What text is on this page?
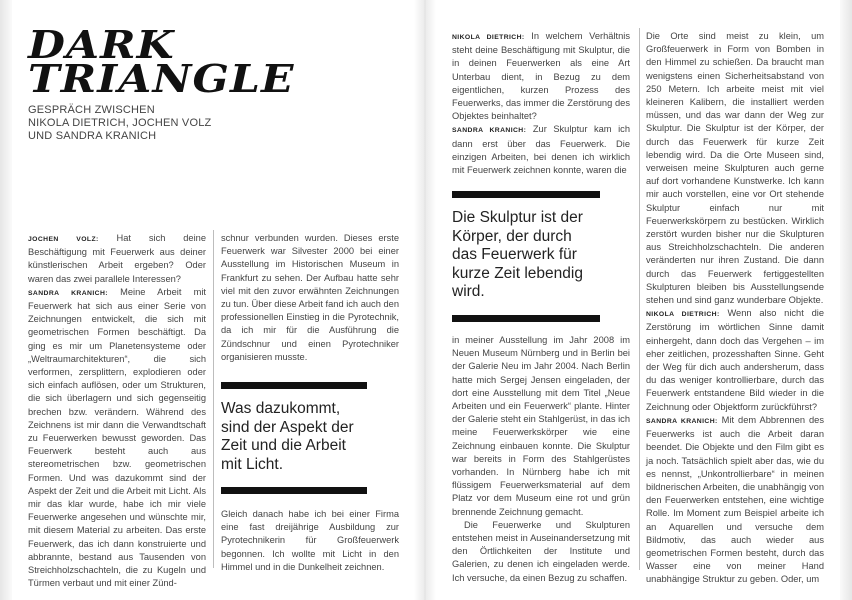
DARK
TRIANGLE
GESPRÄCH ZWISCHEN
NIKOLA DIETRICH, JOCHEN VOLZ
UND SANDRA KRANICH

JOCHEN VOLZ: Hat sich deine Beschäftigung mit Feuerwerk aus deiner künstlerischen Arbeit ergeben? Oder waren das zwei parallele Interessen?

SANDRA KRANICH: Meine Arbeit mit Feuerwerk hat sich aus einer Serie von Zeichnungen entwickelt, die sich mit geometrischen Formen beschäftigt. Da ging es mir um Planetensysteme oder „Weltraumarchitekturen“, die sich verformen, zersplittern, explodieren oder sich einfach auflösen, oder um Strukturen, die sich überlagern und sich gegenseitig brechen bzw. verändern. Während des Zeichnens ist mir dann die Verwandtschaft zu Feuerwerken bewusst geworden. Das Feuerwerk besteht auch aus stereometrischen bzw. geometrischen Formen. Und was dazukommt sind der Aspekt der Zeit und die Arbeit mit Licht. Als mir das klar wurde, habe ich mir viele Feuerwerke angesehen und wünschte mir, mit diesem Material zu arbeiten. Das erste Feuerwerk, das ich dann konstruierte und abbrannte, bestand aus Tausenden von Streichholzschachteln, die zu Kugeln und Türmen verbaut und mit einer Zünd-

schnur verbunden wurden. Dieses erste Feuerwerk war Silvester 2000 bei einer Ausstellung im Historischen Museum in Frankfurt zu sehen. Der Aufbau hatte sehr viel mit den zuvor erwähnten Zeichnungen zu tun. Über diese Arbeit fand ich auch den professionellen Einstieg in die Pyrotechnik, da ich mir für die Ausführung die Zündschnur und einen Pyrotechniker organisieren musste.

Was dazukommt, sind der Aspekt der Zeit und die Arbeit mit Licht.

Gleich danach habe ich bei einer Firma eine fast dreijährige Ausbildung zur Pyrotechnikerin für Großfeuerwerk begonnen. Ich wollte mit Licht in den Himmel und in die Dunkelheit zeichnen.

NIKOLA DIETRICH: In welchem Verhältnis steht deine Beschäftigung mit Skulptur, die in deinen Feuerwerken als eine Art Unterbau dient, in Bezug zu dem eigentlichen, kurzen Prozess des Feuerwerks, das immer die Zerstörung des Objektes beinhaltet?

SANDRA KRANICH: Zur Skulptur kam ich dann erst über das Feuerwerk. Die einzigen Arbeiten, bei denen ich wirklich mit Feuerwerk zeichnen konnte, waren die

Die Skulptur ist der Körper, der durch das Feuerwerk für kurze Zeit lebendig wird.

in meiner Ausstellung im Jahr 2008 im Neuen Museum Nürnberg und in Berlin bei der Galerie Neu im Jahr 2004. Nach Berlin hatte mich Sergej Jensen eingeladen, der dort eine Ausstellung mit dem Titel „Neue Arbeiten und ein Feuerwerk“ plante. Hinter der Galerie steht ein Stahlgerüst, in das ich meine Feuerwerkskörper wie eine Zeichnung einbauen konnte. Die Skulptur war bereits in Form des Stahlgerüstes vorhanden. In Nürnberg habe ich mit flüssigem Feuerwerksmaterial auf dem Platz vor dem Museum eine rot und grün brennende Zeichnung gemacht.

Die Feuerwerke und Skulpturen entstehen meist in Auseinandersetzung mit den Örtlichkeiten der Institute und Galerien, zu denen ich eingeladen werde. Ich versuche, da einen Bezug zu schaffen.

Die Orte sind meist zu klein, um Großfeuerwerk in Form von Bomben in den Himmel zu schießen. Da braucht man wenigstens einen Sicherheitsabstand von 250 Metern. Ich arbeite meist mit viel kleineren Kalibern, die installiert werden müssen, und das war dann der Weg zur Skulptur. Die Skulptur ist der Körper, der durch das Feuerwerk für kurze Zeit lebendig wird. Da die Orte Museen sind, verweisen meine Skulpturen auch gerne auf dort vorhandene Kunstwerke. Ich kann mir auch vorstellen, eine vor Ort stehende Skulptur einfach nur mit Feuerwerkskörpern zu bestücken. Wirklich zerstört wurden bisher nur die Skulpturen aus Streichholzschachteln. Die anderen veränderten nur ihren Zustand. Die dann durch das Feuerwerk fertiggestellten Skulpturen bleiben bis Ausstellungsende stehen und sind ganz wunderbare Objekte.

NIKOLA DIETRICH: Wenn also nicht die Zerstörung im wörtlichen Sinne damit einhergeht, dann doch das Vergehen – im eher zeitlichen, prozesshaften Sinne. Geht der Weg für dich auch andersherum, dass du das weniger kontrollierbare, durch das Feuerwerk entstandene Bild wieder in die Zeichnung oder Objektform zurückführst?

SANDRA KRANICH: Mit dem Abbrennen des Feuerwerks ist auch die Arbeit daran beendet. Die Objekte und den Film gibt es ja noch. Tatsächlich spielt aber das, wie du es nennst, „Unkontrollierbare“ in meinen bildnerischen Arbeiten, die unabhängig von den Feuerwerken entstehen, eine wichtige Rolle. Im Moment zum Beispiel arbeite ich an Aquarellen und versuche dem Bildmotiv, das auch wieder aus geometrischen Formen besteht, durch das Wasser eine von meiner Hand unabhängige Struktur zu geben. Oder, um
